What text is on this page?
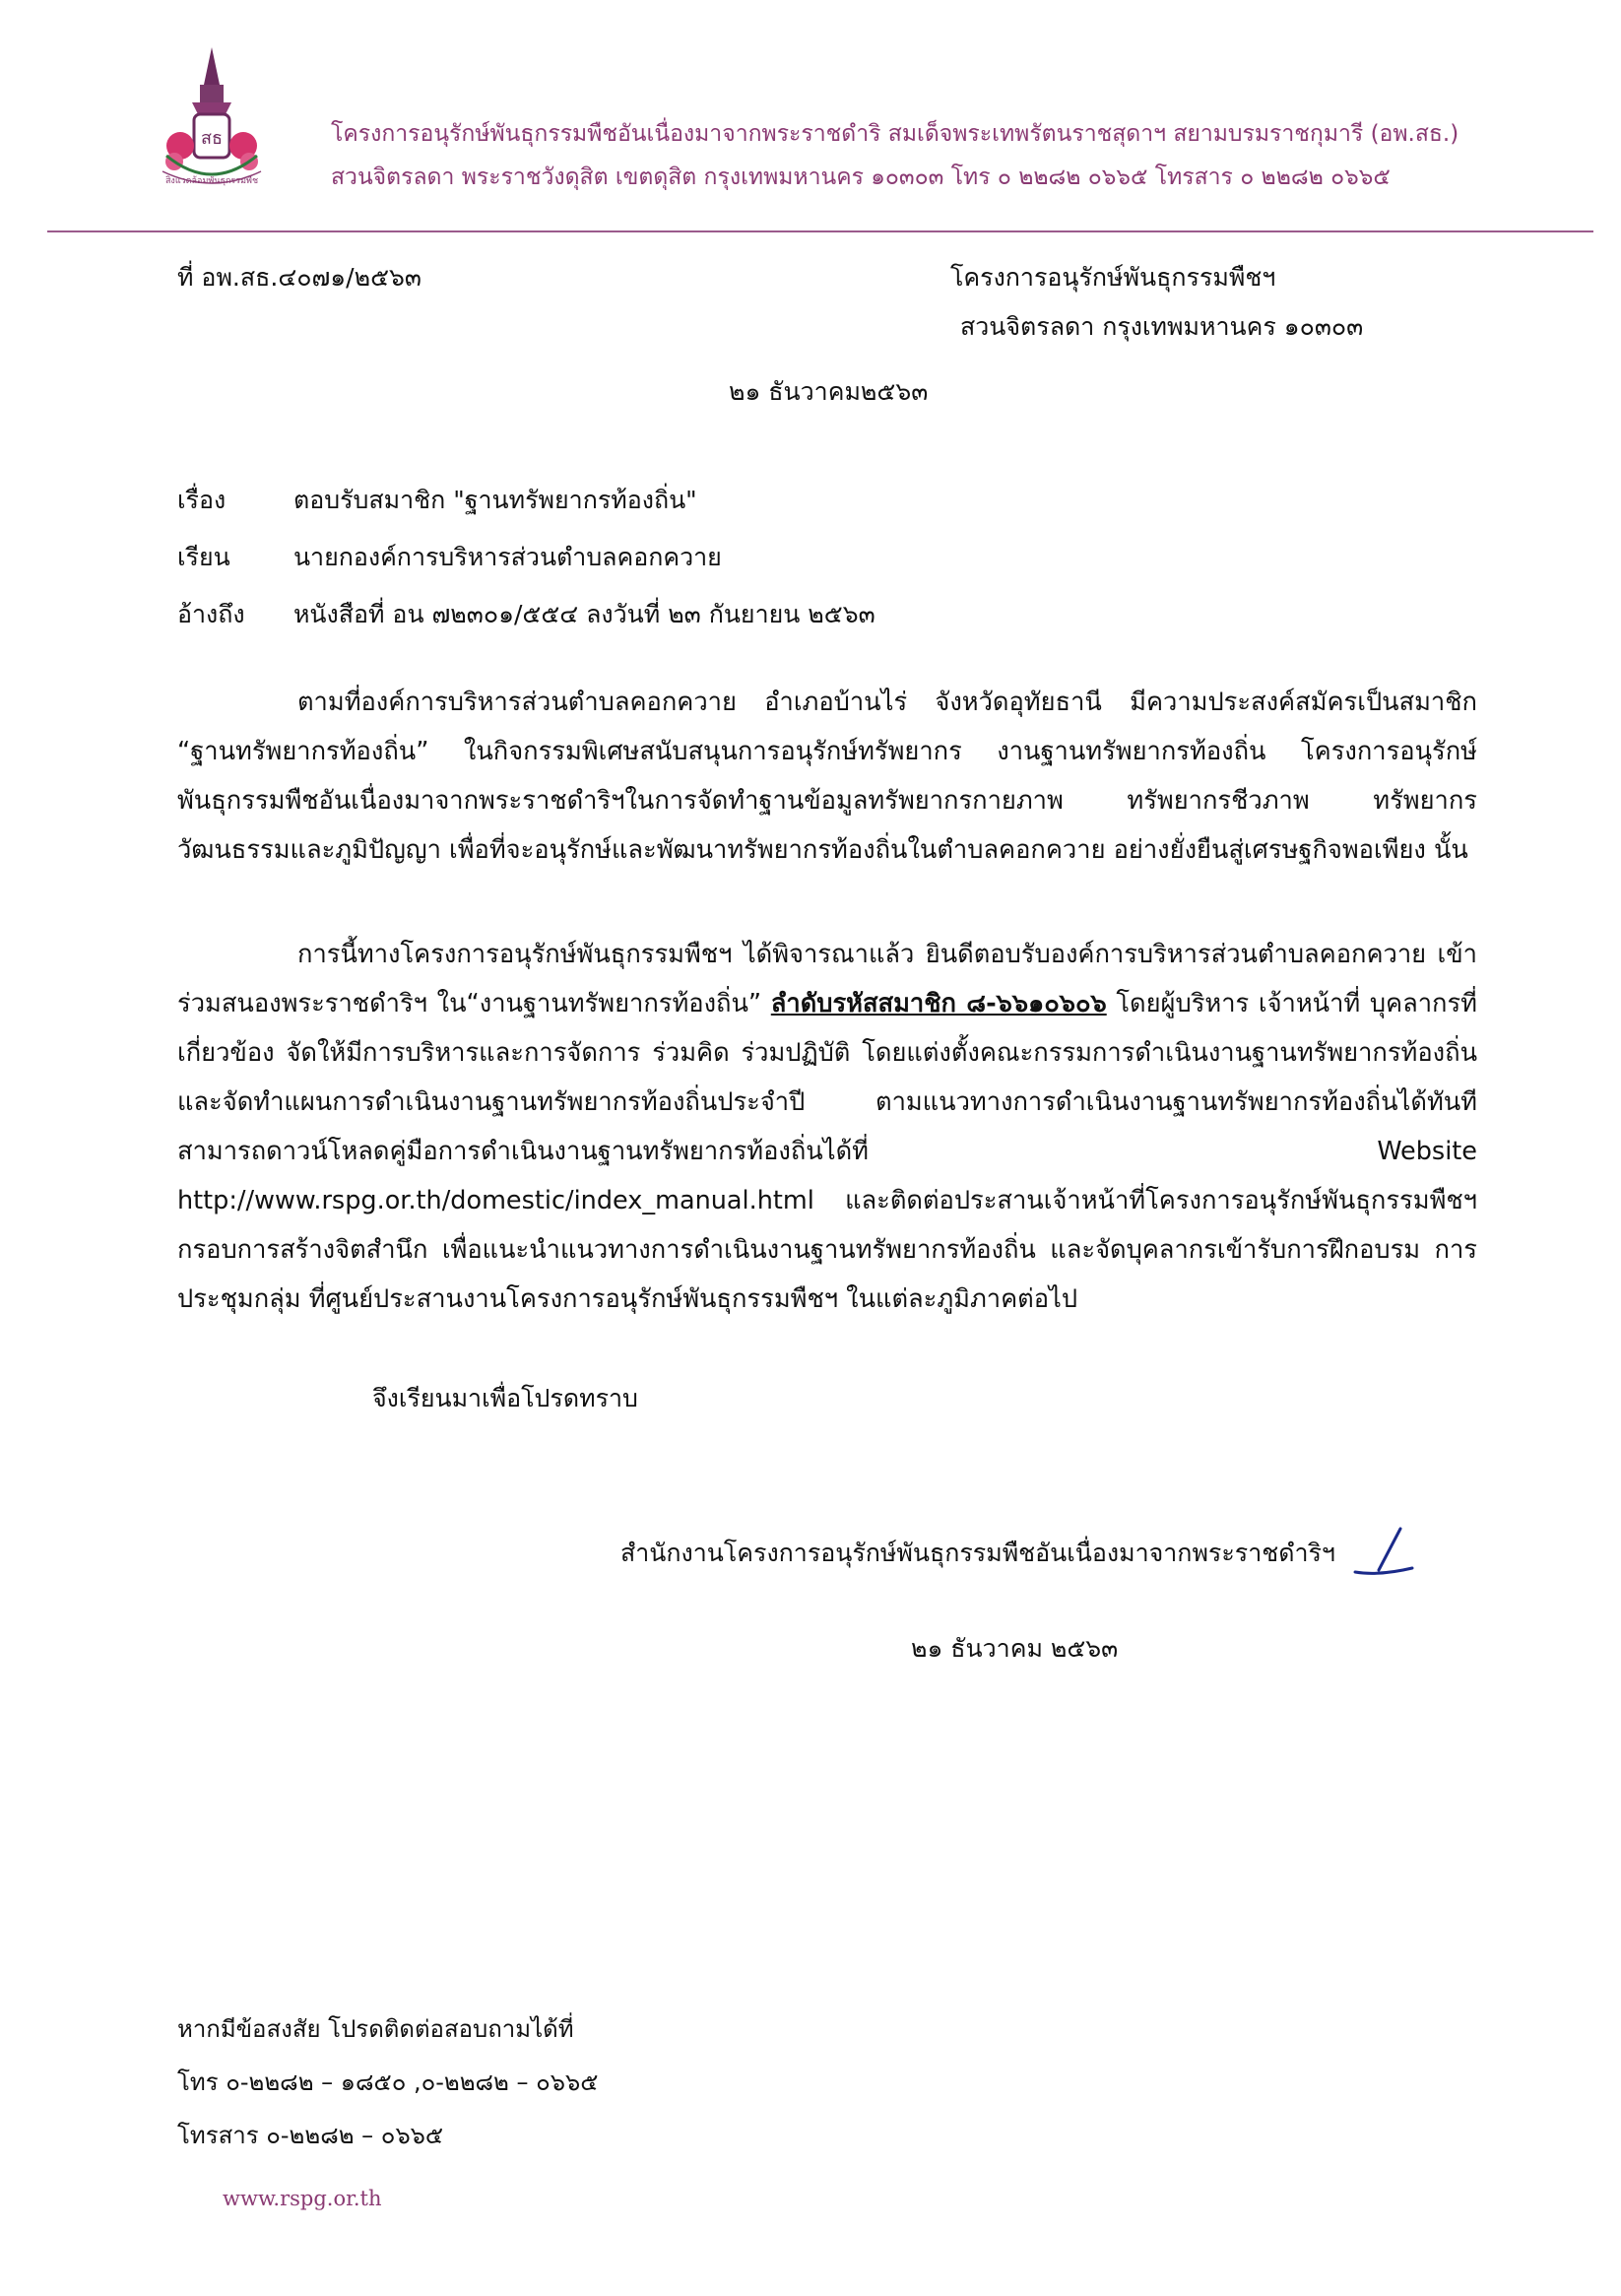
สธ
สิ่งแวดล้อมพันธุกรรมพืช
โครงการอนุรักษ์พันธุกรรมพืชอันเนื่องมาจากพระราชดำริ สมเด็จพระเทพรัตนราชสุดาฯ สยามบรมราชกุมารี (อพ.สธ.)
สวนจิตรลดา พระราชวังดุสิต เขตดุสิต กรุงเทพมหานคร ๑๐๓๐๓ โทร ๐ ๒๒๘๒ ๐๖๖๕ โทรสาร ๐ ๒๒๘๒ ๐๖๖๕
ที่ อพ.สธ.๔๐๗๑/๒๕๖๓	โครงการอนุรักษ์พันธุกรรมพืชฯ
สวนจิตรลดา กรุงเทพมหานคร ๑๐๓๐๓
๒๑ ธันวาคม๒๕๖๓
เรื่อง	ตอบรับสมาชิก "ฐานทรัพยากรท้องถิ่น"
เรียน	นายกองค์การบริหารส่วนตำบลคอกควาย
อ้างถึง หนังสือที่ อน ๗๒๓๐๑/๕๕๔ ลงวันที่ ๒๓ กันยายน ๒๕๖๓
ตามที่องค์การบริหารส่วนตำบลคอกควาย อำเภอบ้านไร่ จังหวัดอุทัยธานี มีความประสงค์สมัครเป็นสมาชิก “ฐานทรัพยากรท้องถิ่น” ในกิจกรรมพิเศษสนับสนุนการอนุรักษ์ทรัพยากร งานฐานทรัพยากรท้องถิ่น โครงการอนุรักษ์พันธุกรรมพืชอันเนื่องมาจากพระราชดำริฯในการจัดทำฐานข้อมูลทรัพยากรกายภาพ ทรัพยากรชีวภาพ ทรัพยากรวัฒนธรรมและภูมิปัญญา เพื่อที่จะอนุรักษ์และพัฒนาทรัพยากรท้องถิ่นในตำบลคอกควาย อย่างยั่งยืนสู่เศรษฐกิจพอเพียง นั้น
การนี้ทางโครงการอนุรักษ์พันธุกรรมพืชฯ ได้พิจารณาแล้ว ยินดีตอบรับองค์การบริหารส่วนตำบลคอกควาย เข้าร่วมสนองพระราชดำริฯ ใน“งานฐานทรัพยากรท้องถิ่น” ลำดับรหัสสมาชิก ๘-๖๖๑๐๖๐๖ โดยผู้บริหาร เจ้าหน้าที่ บุคลากรที่เกี่ยวข้อง จัดให้มีการบริหารและการจัดการ ร่วมคิด ร่วมปฏิบัติ โดยแต่งตั้งคณะกรรมการดำเนินงานฐานทรัพยากรท้องถิ่น และจัดทำแผนการดำเนินงานฐานทรัพยากรท้องถิ่นประจำปี ตามแนวทางการดำเนินงานฐานทรัพยากรท้องถิ่นได้ทันที สามารถดาวน์โหลดคู่มือการดำเนินงานฐานทรัพยากรท้องถิ่นได้ที่ Website http://www.rspg.or.th/domestic/index_manual.html และติดต่อประสานเจ้าหน้าที่โครงการอนุรักษ์พันธุกรรมพืชฯ กรอบการสร้างจิตสำนึก เพื่อแนะนำแนวทางการดำเนินงานฐานทรัพยากรท้องถิ่น และจัดบุคลากรเข้ารับการฝึกอบรม การประชุมกลุ่ม ที่ศูนย์ประสานงานโครงการอนุรักษ์พันธุกรรมพืชฯ ในแต่ละภูมิภาคต่อไป
จึงเรียนมาเพื่อโปรดทราบ
สำนักงานโครงการอนุรักษ์พันธุกรรมพืชอันเนื่องมาจากพระราชดำริฯ
๒๑ ธันวาคม ๒๕๖๓
หากมีข้อสงสัย โปรดติดต่อสอบถามได้ที่
โทร ๐-๒๒๘๒ – ๑๘๕๐ ,๐-๒๒๘๒ – ๐๖๖๕
โทรสาร ๐-๒๒๘๒ – ๐๖๖๕
www.rspg.or.th
